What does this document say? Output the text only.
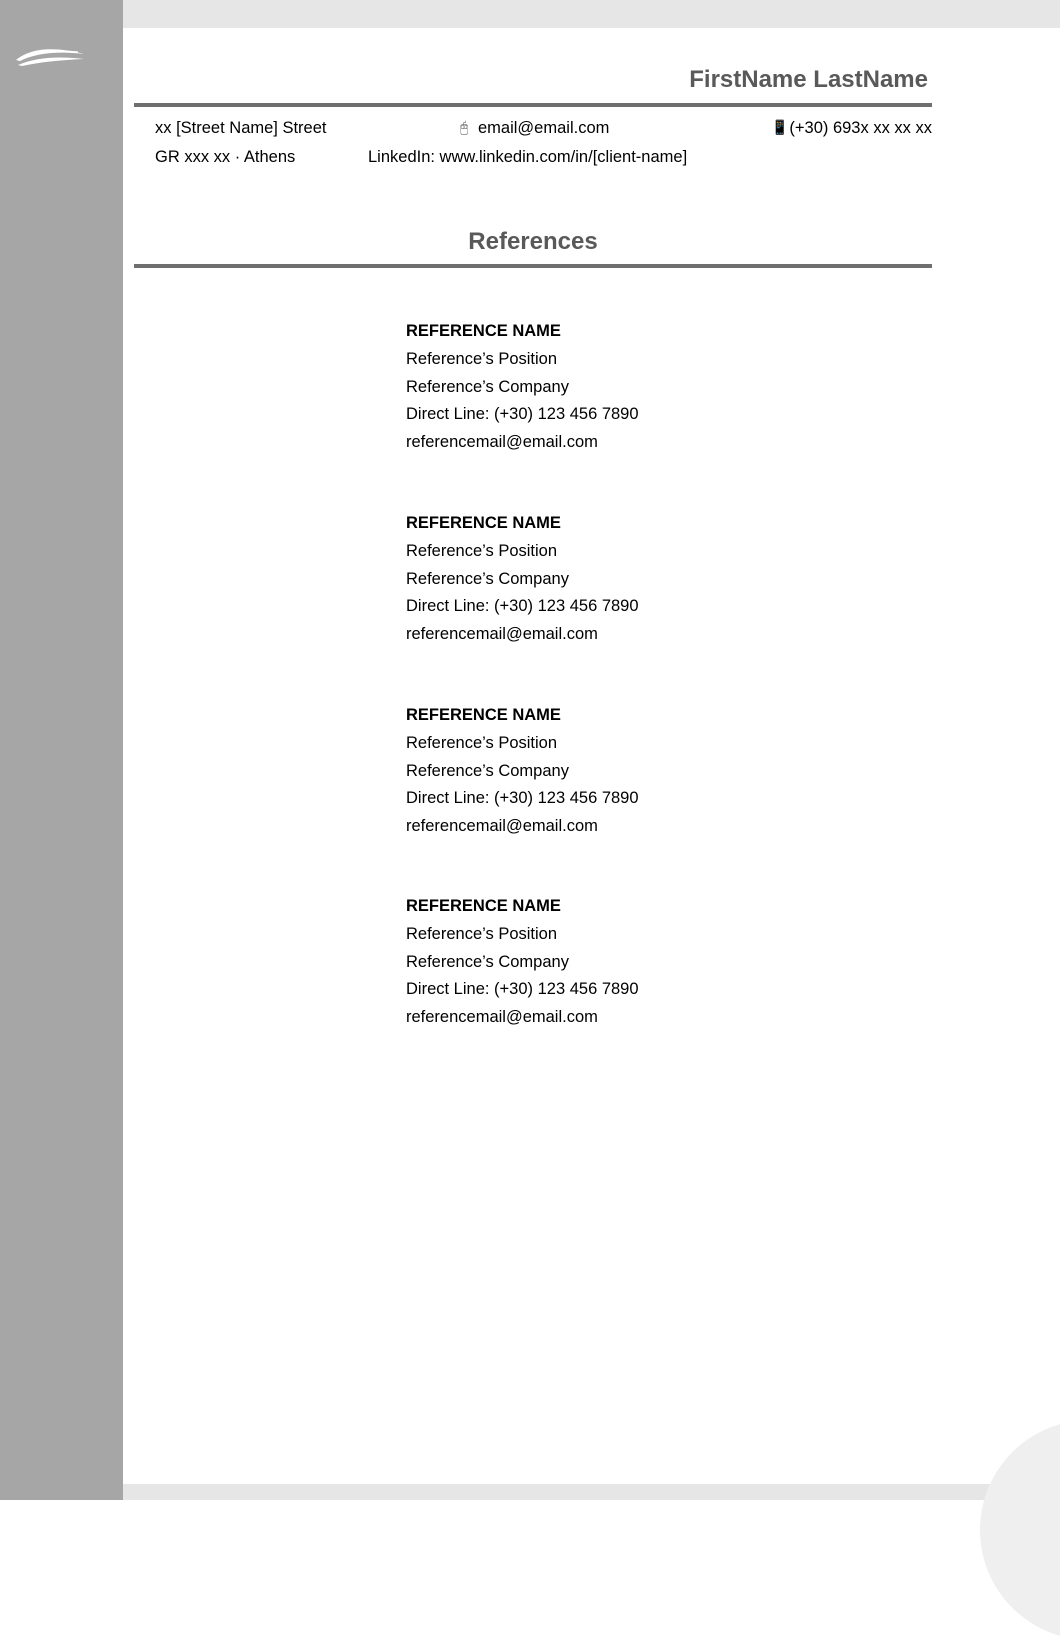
FirstName LastName
xx [Street Name] Street
GR xxx xx · Athens
🖰 email@email.com
LinkedIn: www.linkedin.com/in/[client-name]
📱(+30) 693x xx xx xx
References
REFERENCE NAME
Reference’s Position
Reference’s Company
Direct Line: (+30) 123 456 7890
referencemail@email.com
REFERENCE NAME
Reference’s Position
Reference’s Company
Direct Line: (+30) 123 456 7890
referencemail@email.com
REFERENCE NAME
Reference’s Position
Reference’s Company
Direct Line: (+30) 123 456 7890
referencemail@email.com
REFERENCE NAME
Reference’s Position
Reference’s Company
Direct Line: (+30) 123 456 7890
referencemail@email.com
